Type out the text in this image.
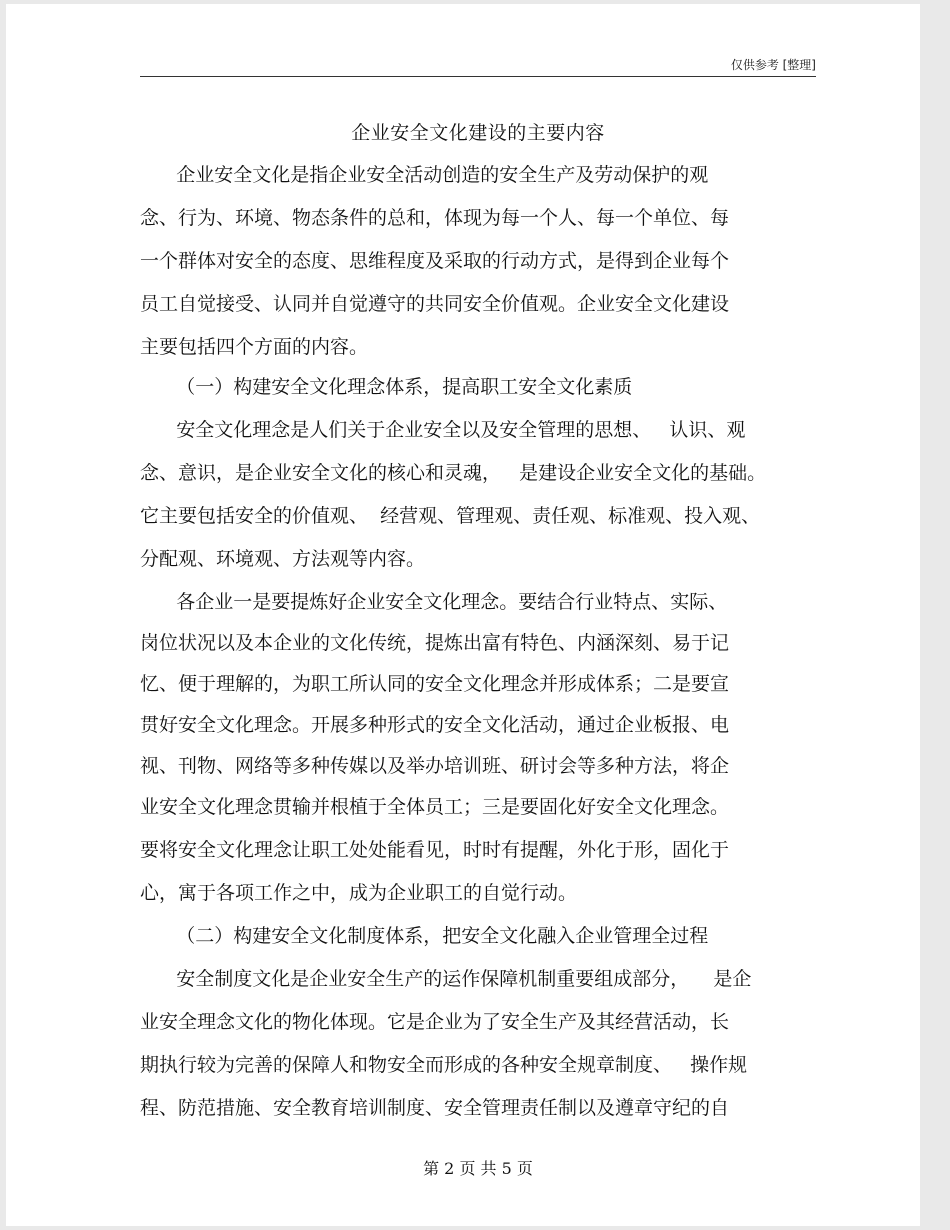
仅供参考 [整理]
企业安全文化建设的主要内容
企业安全文化是指企业安全活动创造的安全生产及劳动保护的观
念、行为、环境、物态条件的总和，体现为每一个人、每一个单位、每
一个群体对安全的态度、思维程度及采取的行动方式，是得到企业每个
员工自觉接受、认同并自觉遵守的共同安全价值观。企业安全文化建设
主要包括四个方面的内容。
（一）构建安全文化理念体系，提高职工安全文化素质
安全文化理念是人们关于企业安全以及安全管理的思想、   认识、观
念、意识，是企业安全文化的核心和灵魂，   是建设企业安全文化的基础。
它主要包括安全的价值观、  经营观、管理观、责任观、标准观、投入观、
分配观、环境观、方法观等内容。
各企业一是要提炼好企业安全文化理念。要结合行业特点、实际、
岗位状况以及本企业的文化传统，提炼出富有特色、内涵深刻、易于记
忆、便于理解的，为职工所认同的安全文化理念并形成体系；二是要宣
贯好安全文化理念。开展多种形式的安全文化活动，通过企业板报、电
视、刊物、网络等多种传媒以及举办培训班、研讨会等多种方法，将企
业安全文化理念贯输并根植于全体员工；三是要固化好安全文化理念。
要将安全文化理念让职工处处能看见，时时有提醒，外化于形，固化于
心，寓于各项工作之中，成为企业职工的自觉行动。
（二）构建安全文化制度体系，把安全文化融入企业管理全过程
安全制度文化是企业安全生产的运作保障机制重要组成部分，    是企
业安全理念文化的物化体现。它是企业为了安全生产及其经营活动，长
期执行较为完善的保障人和物安全而形成的各种安全规章制度、   操作规
程、防范措施、安全教育培训制度、安全管理责任制以及遵章守纪的自
第 2 页 共 5 页
